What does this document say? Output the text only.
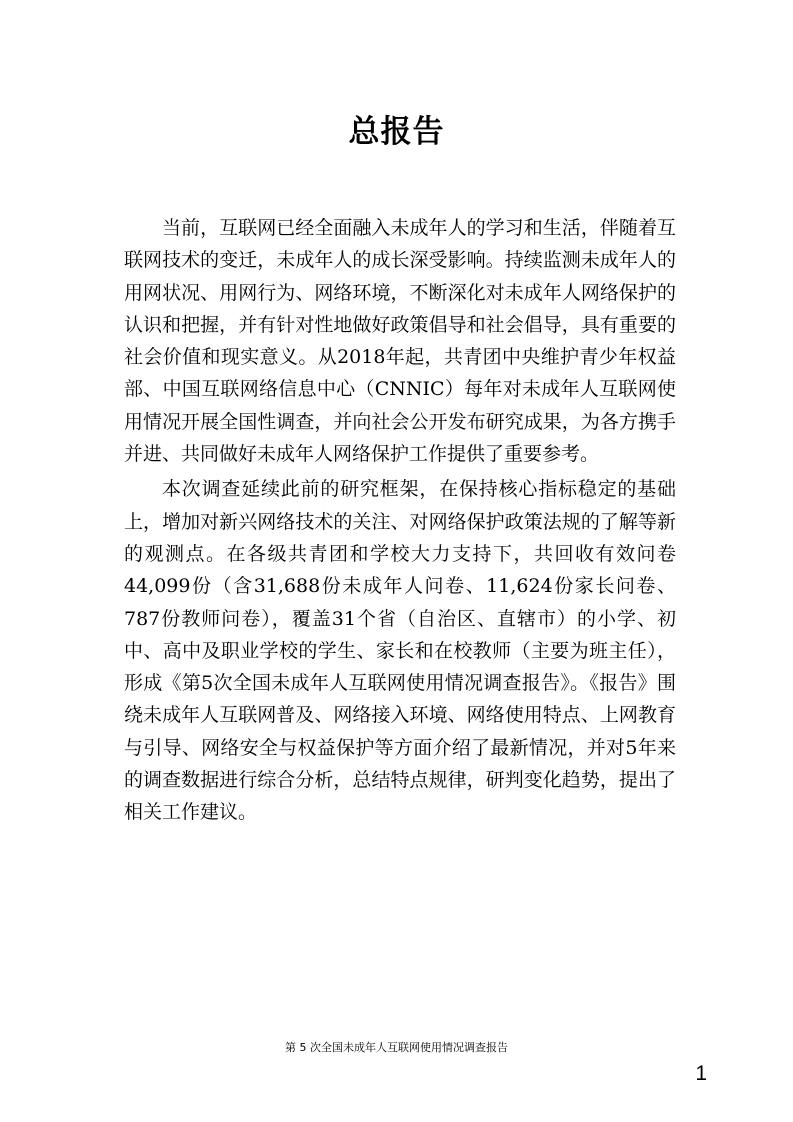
总报告

当前，互联网已经全面融入未成年人的学习和生活，伴随着互联网技术的变迁，未成年人的成长深受影响。持续监测未成年人的用网状况、用网行为、网络环境，不断深化对未成年人网络保护的认识和把握，并有针对性地做好政策倡导和社会倡导，具有重要的社会价值和现实意义。从2018年起，共青团中央维护青少年权益部、中国互联网络信息中心（CNNIC）每年对未成年人互联网使用情况开展全国性调查，并向社会公开发布研究成果，为各方携手并进、共同做好未成年人网络保护工作提供了重要参考。

本次调查延续此前的研究框架，在保持核心指标稳定的基础上，增加对新兴网络技术的关注、对网络保护政策法规的了解等新的观测点。在各级共青团和学校大力支持下，共回收有效问卷44,099份（含31,688份未成年人问卷、11,624份家长问卷、787份教师问卷），覆盖31个省（自治区、直辖市）的小学、初中、高中及职业学校的学生、家长和在校教师（主要为班主任），形成《第5次全国未成年人互联网使用情况调查报告》。《报告》围绕未成年人互联网普及、网络接入环境、网络使用特点、上网教育与引导、网络安全与权益保护等方面介绍了最新情况，并对5年来的调查数据进行综合分析，总结特点规律，研判变化趋势，提出了相关工作建议。

第 5 次全国未成年人互联网使用情况调查报告
1
